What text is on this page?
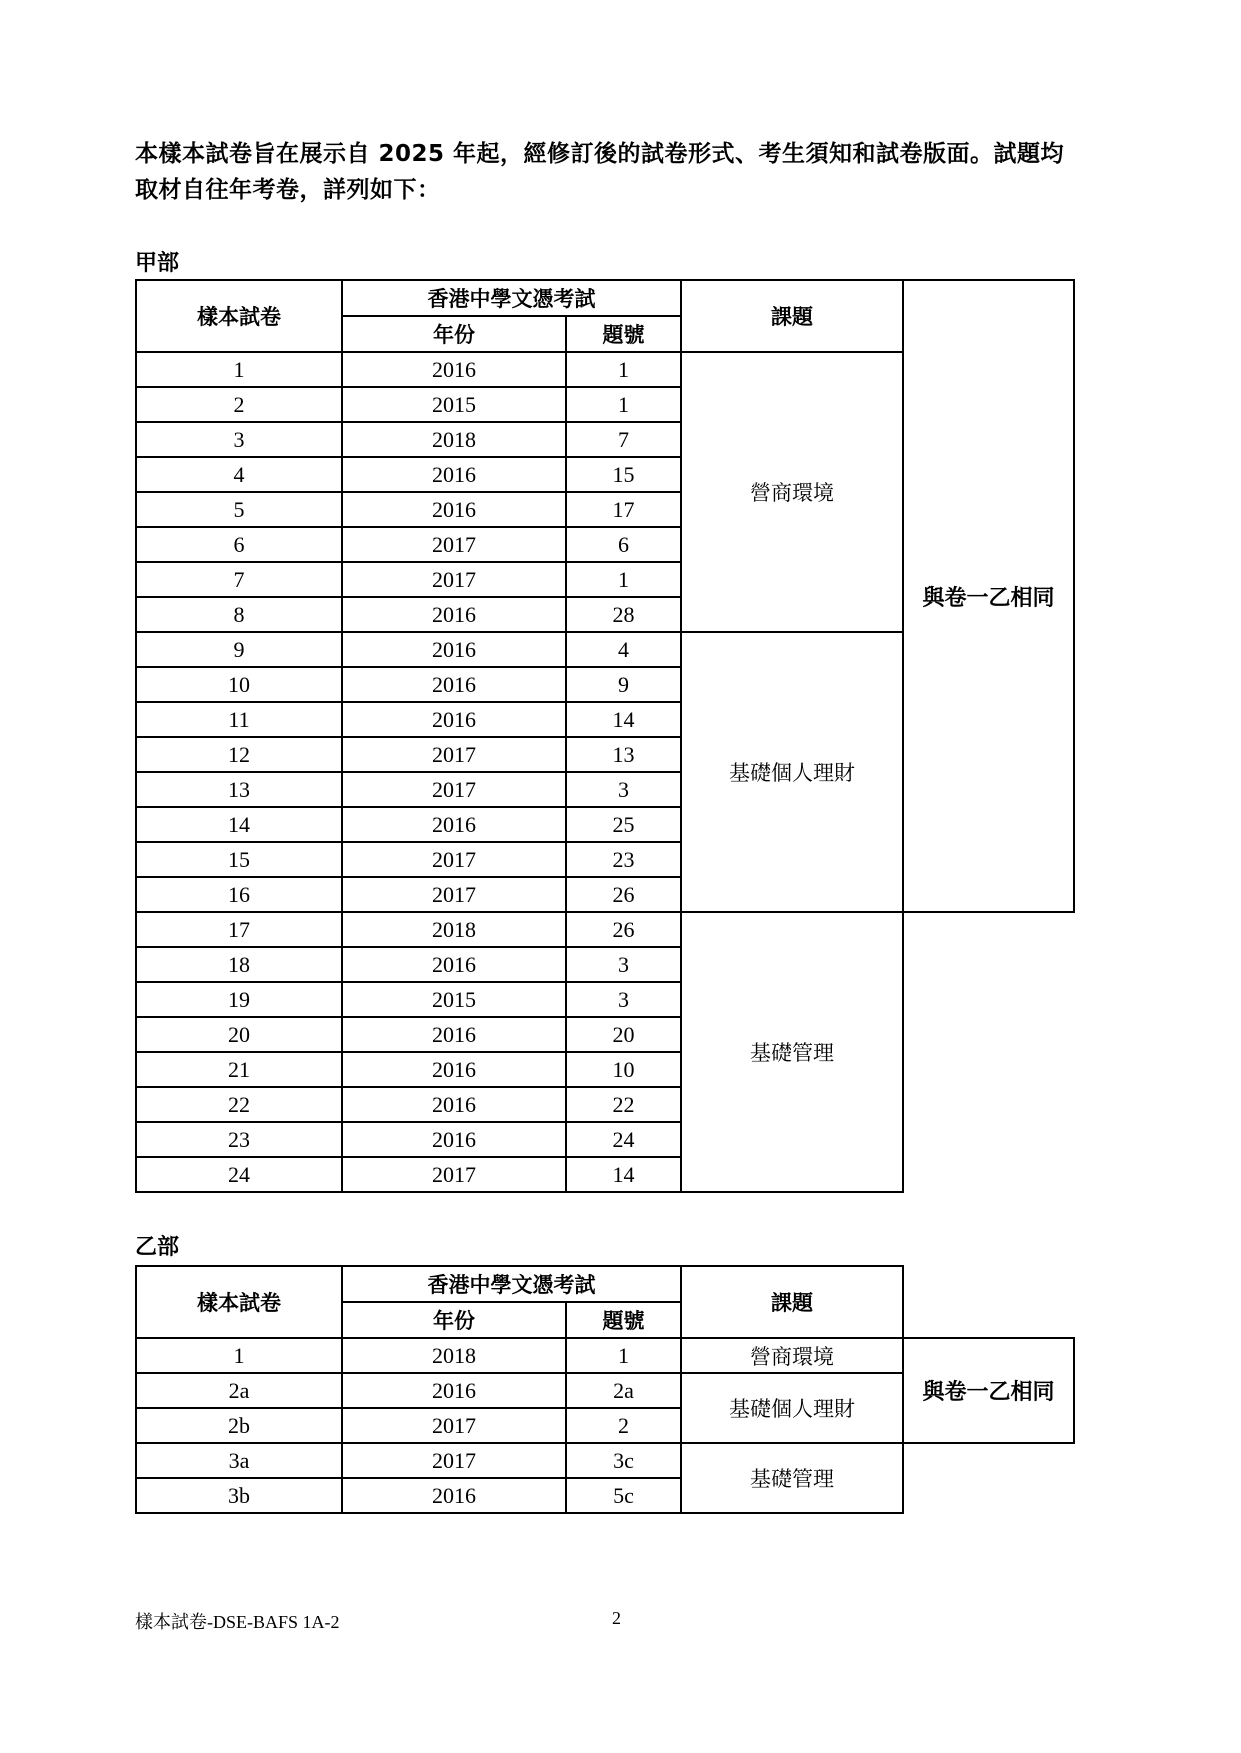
本樣本試卷旨在展示自 2025 年起，經修訂後的試卷形式、考生須知和試卷版面。試題均
取材自往年考卷，詳列如下：
甲部
樣本試卷	香港中學文憑考試		課題	與卷一乙相同
	年份	題號		
1	2016	1	營商環境	
2	2015	1		
3	2018	7		
4	2016	15		
5	2016	17		
6	2017	6		
7	2017	1		
8	2016	28		
9	2016	4	基礎個人理財	
10	2016	9		
11	2016	14		
12	2017	13		
13	2017	3		
14	2016	25		
15	2017	23		
16	2017	26		
17	2018	26	基礎管理	
18	2016	3		
19	2015	3		
20	2016	20		
21	2016	10		
22	2016	22		
23	2016	24		
24	2017	14		
乙部
樣本試卷	香港中學文憑考試		課題	
	年份	題號		
1	2018	1	營商環境	與卷一乙相同
2a	2016	2a	基礎個人理財	
2b	2017	2		
3a	2017	3c	基礎管理	
3b	2016	5c		
樣本試卷-DSE-BAFS 1A-2	2
